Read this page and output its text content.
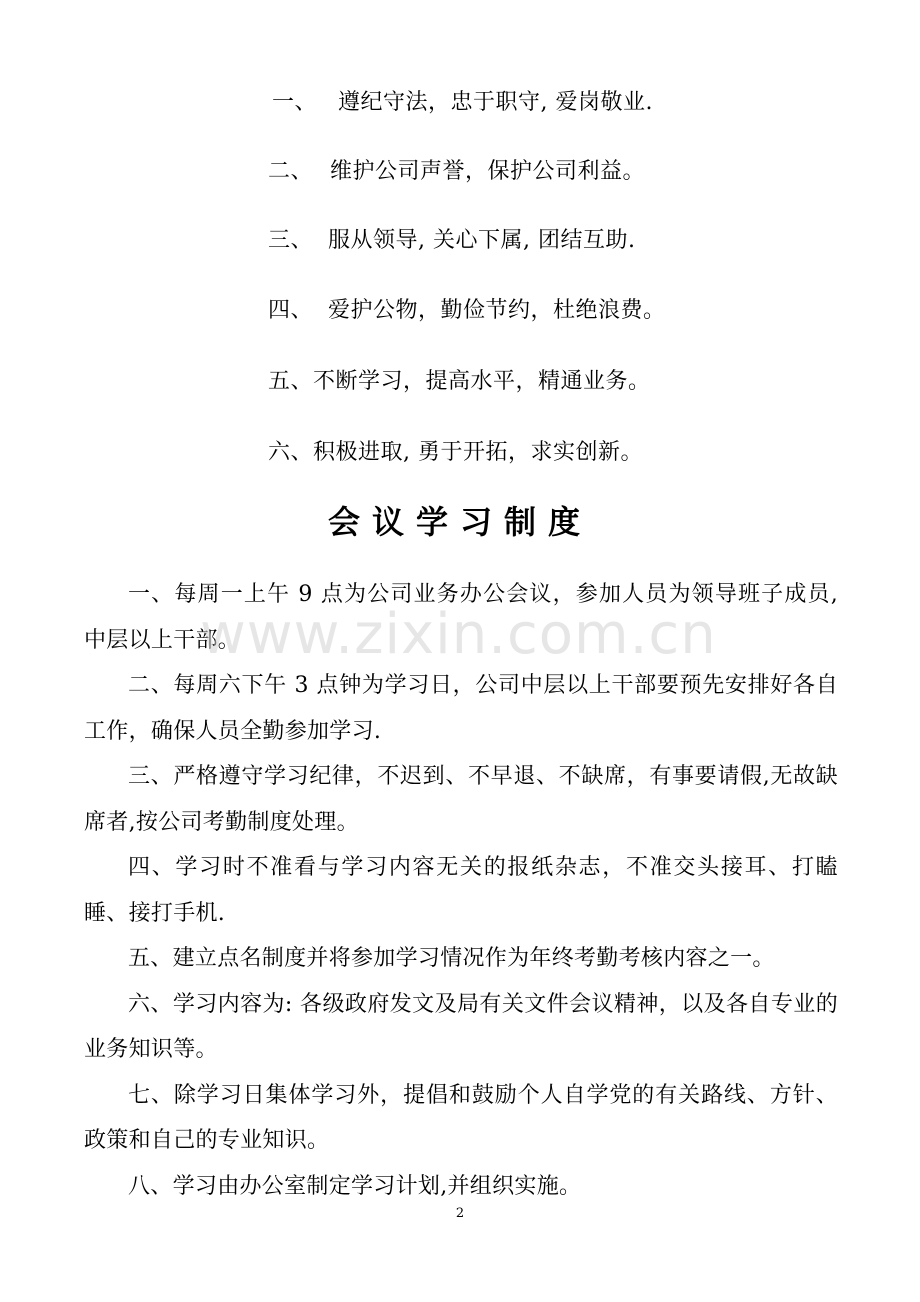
一、 遵纪守法，忠于职守, 爱岗敬业.
二、 维护公司声誉，保护公司利益。
三、 服从领导, 关心下属, 团结互助.
四、 爱护公物，勤俭节约，杜绝浪费。
五、不断学习，提高水平，精通业务。
六、积极进取, 勇于开拓，求实创新。
会议学习制度

一、每周一上午 9 点为公司业务办公会议，参加人员为领导班子成员, 中层以上干部。

二、每周六下午 3 点钟为学习日，公司中层以上干部要预先安排好各自工作，确保人员全勤参加学习.

三、严格遵守学习纪律，不迟到、不早退、不缺席，有事要请假,无故缺席者,按公司考勤制度处理。

四、学习时不准看与学习内容无关的报纸杂志，不准交头接耳、打瞌睡、接打手机.

五、建立点名制度并将参加学习情况作为年终考勤考核内容之一。

六、学习内容为: 各级政府发文及局有关文件会议精神，以及各自专业的业务知识等。

七、除学习日集体学习外，提倡和鼓励个人自学党的有关路线、方针、政策和自己的专业知识。

八、学习由办公室制定学习计划,并组织实施。

www.zixin.com.cn
2
